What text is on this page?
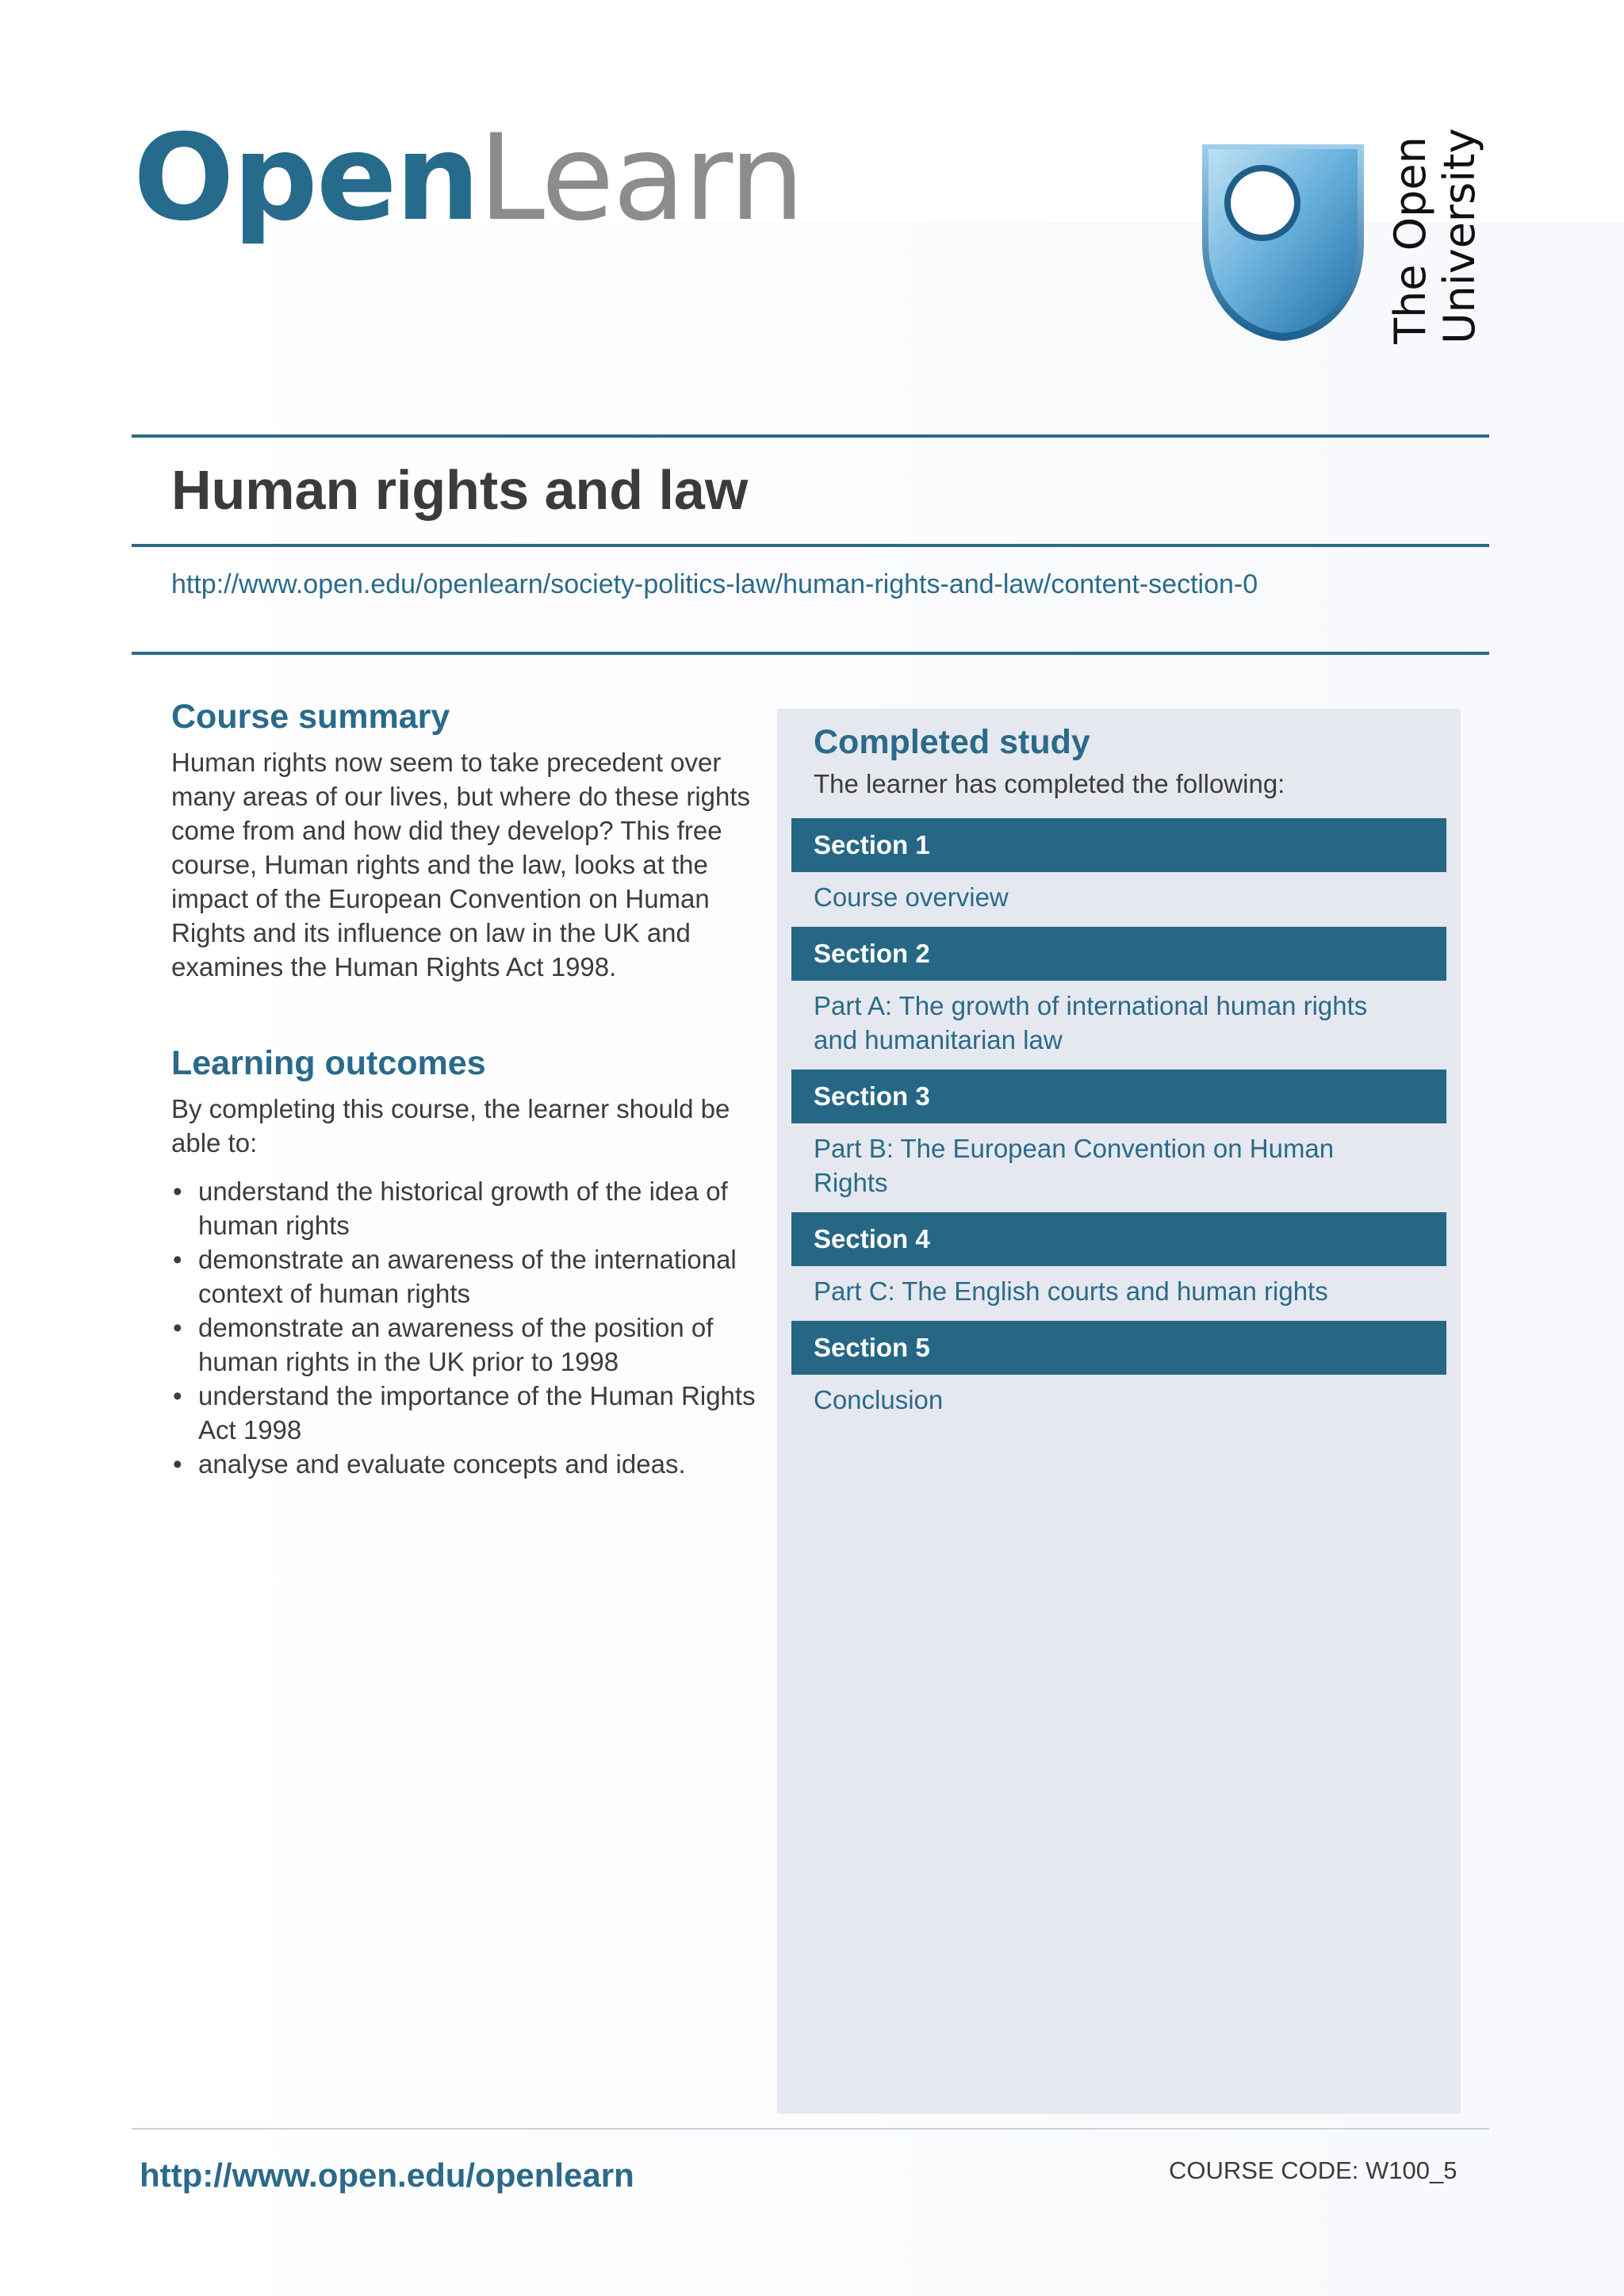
OpenLearn	The Open University
Human rights and law
http://www.open.edu/openlearn/society-politics-law/human-rights-and-law/content-section-0
Course summary

Human rights now seem to take precedent over many areas of our lives, but where do these rights come from and how did they develop? This free course, Human rights and the law, looks at the impact of the European Convention on Human Rights and its influence on law in the UK and examines the Human Rights Act 1998.

Learning outcomes

By completing this course, the learner should be able to:

• understand the historical growth of the idea of human rights
• demonstrate an awareness of the international context of human rights
• demonstrate an awareness of the position of human rights in the UK prior to 1998
• understand the importance of the Human Rights Act 1998
• analyse and evaluate concepts and ideas.
Completed study
The learner has completed the following:
Section 1
Course overview
Section 2
Part A: The growth of international human rights and humanitarian law
Section 3
Part B: The European Convention on Human Rights
Section 4
Part C: The English courts and human rights
Section 5
Conclusion
http://www.open.edu/openlearn	COURSE CODE: W100_5
